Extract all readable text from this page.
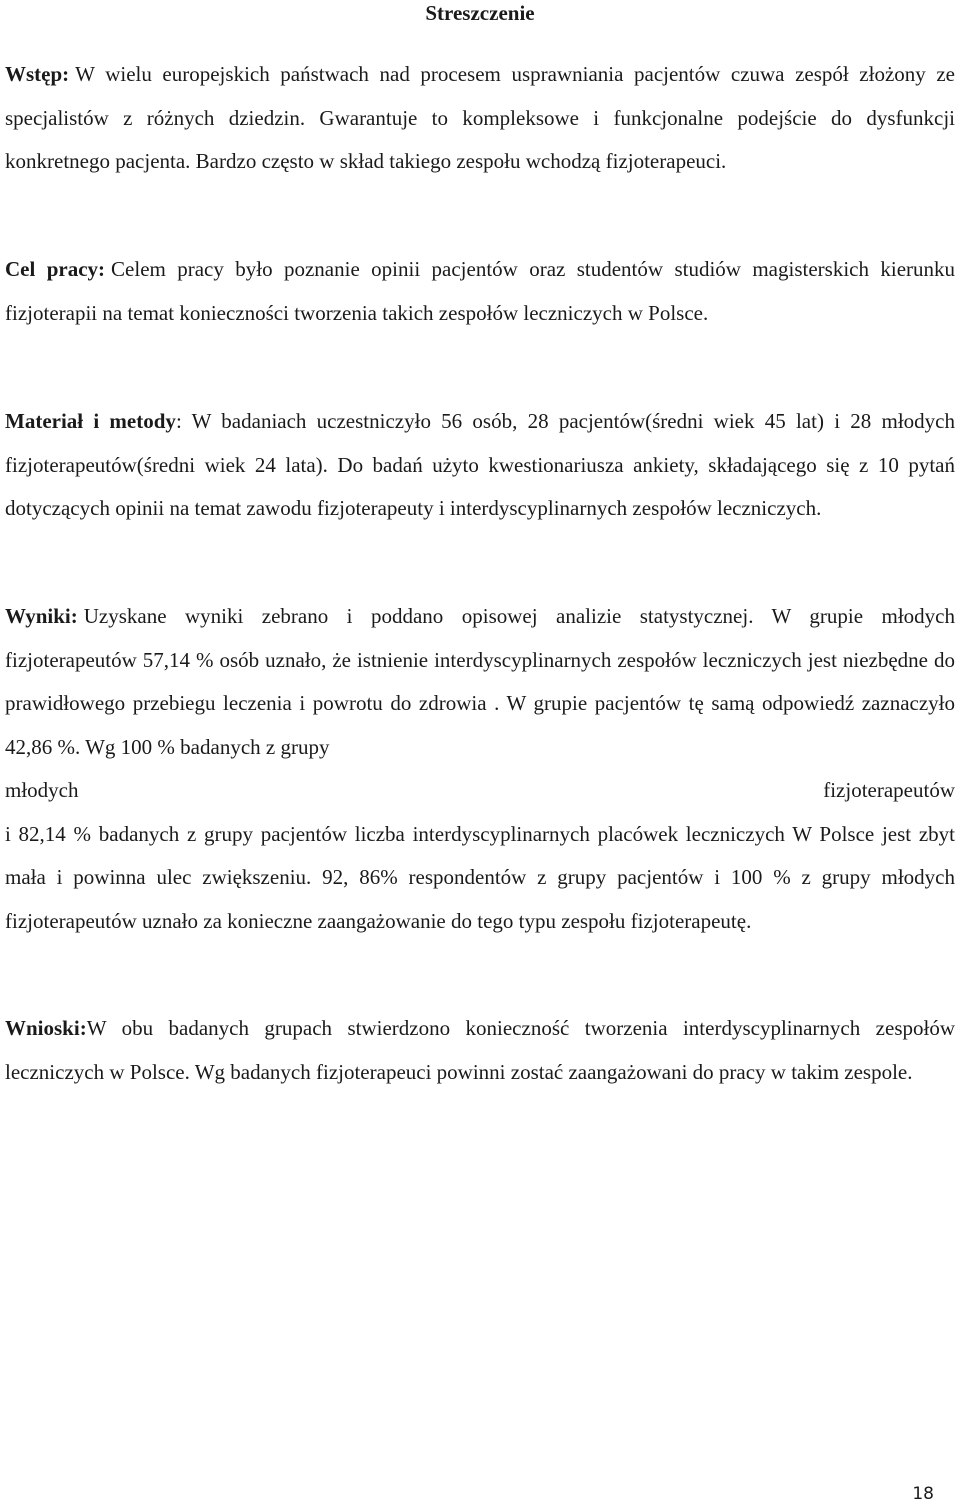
Streszczenie
Wstęp: W wielu europejskich państwach nad procesem usprawniania pacjentów czuwa zespół złożony ze specjalistów z różnych dziedzin. Gwarantuje to kompleksowe i funkcjonalne podejście do dysfunkcji konkretnego pacjenta. Bardzo często w skład takiego zespołu wchodzą fizjoterapeuci.
Cel pracy: Celem pracy było poznanie opinii pacjentów oraz studentów studiów magisterskich kierunku fizjoterapii na temat konieczności tworzenia takich zespołów leczniczych w Polsce.
Materiał i metody: W badaniach uczestniczyło 56 osób, 28 pacjentów(średni wiek 45 lat) i 28 młodych fizjoterapeutów(średni wiek 24 lata). Do badań użyto kwestionariusza ankiety, składającego się z 10 pytań dotyczących opinii na temat zawodu fizjoterapeuty i interdyscyplinarnych zespołów leczniczych.
Wyniki: Uzyskane wyniki zebrano i poddano opisowej analizie statystycznej. W grupie młodych fizjoterapeutów 57,14 % osób uznało, że istnienie interdyscyplinarnych zespołów leczniczych jest niezbędne do prawidłowego przebiegu leczenia i powrotu do zdrowia . W grupie pacjentów tę samą odpowiedź zaznaczyło 42,86 %. Wg 100 % badanych z grupy
młodych	fizjoterapeutów
i 82,14 % badanych z grupy pacjentów liczba interdyscyplinarnych placówek leczniczych W Polsce jest zbyt mała i powinna ulec zwiększeniu. 92, 86% respondentów z grupy pacjentów i 100 % z grupy młodych fizjoterapeutów uznało za konieczne zaangażowanie do tego typu zespołu fizjoterapeutę.
Wnioski:W obu badanych grupach stwierdzono konieczność tworzenia interdyscyplinarnych zespołów leczniczych w Polsce. Wg badanych fizjoterapeuci powinni zostać zaangażowani do pracy w takim zespole.
18
